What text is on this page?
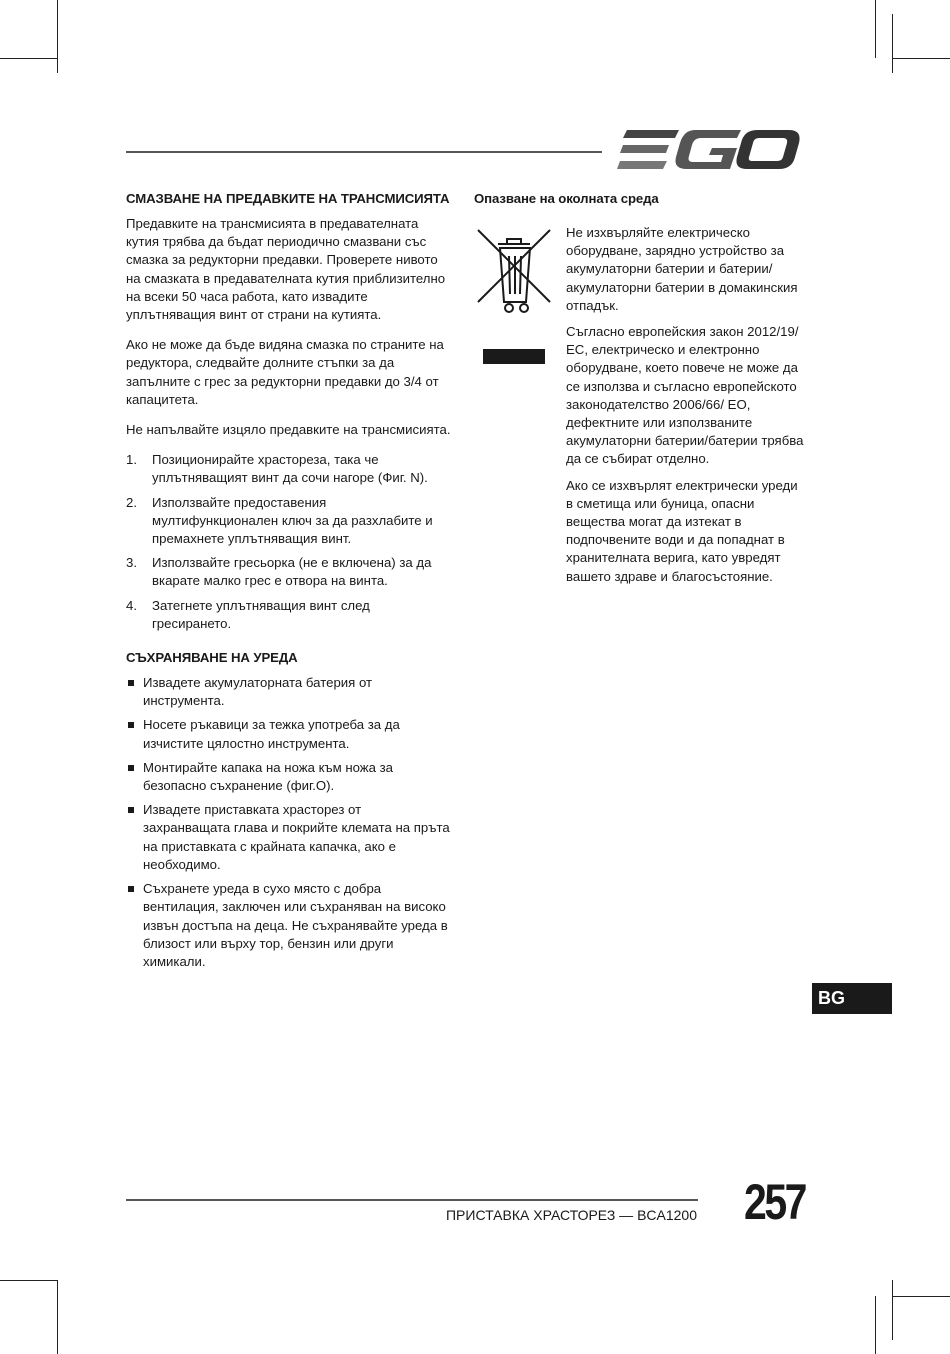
СМАЗВАНЕ НА ПРЕДАВКИТЕ НА ТРАНСМИСИЯТА

Предавките на трансмисията в предавателната кутия трябва да бъдат периодично смазвани със смазка за редукторни предавки. Проверете нивото на смазката в предавателната кутия приблизително на всеки 50 часа работа, като извадите уплътняващия винт от страни на кутията.

Ако не може да бъде видяна смазка по страните на редуктора, следвайте долните стъпки за да запълните с грес за редукторни предавки до 3/4 от капацитета.

Не напълвайте изцяло предавките на трансмисията.

1. Позиционирайте храстореза, така че уплътняващият винт да сочи нагоре (Фиг. N).
2. Използвайте предоставения мултифункционален ключ за да разхлабите и премахнете уплътняващия винт.
3. Използвайте гресьорка (не е включена) за да вкарате малко грес е отвора на винта.
4. Затегнете уплътняващия винт след гресирането.
СЪХРАНЯВАНЕ НА УРЕДА
Извадете акумулаторната батерия от инструмента.
Носете ръкавици за тежка употреба за да изчистите цялостно инструмента.
Монтирайте капака на ножа към ножа за безопасно съхранение (фиг.O).
Извадете приставката храсторез от захранващата глава и покрийте клемата на пръта на приставката с крайната капачка, ако е необходимо.
Съхранете уреда в сухо място с добра вентилация, заключен или съхраняван на високо извън достъпа на деца. Не съхранявайте уреда в близост или върху тор, бензин или други химикали.
Опазване на околната среда

Не изхвърляйте електрическо оборудване, зарядно устройство за акумулаторни батерии и батерии/ акумулаторни батерии в домакинския отпадък.

Съгласно европейския закон 2012/19/ ЕС, електрическо и електронно оборудване, което повече не може да се използва и съгласно европейското законодателство 2006/66/ ЕО, дефектните или използваните акумулаторни батерии/батерии трябва да се събират отделно.

Ако се изхвърлят електрически уреди в сметища или буница, опасни вещества могат да изтекат в подпочвените води и да попаднат в хранителната верига, като увредят вашето здраве и благосъстояние.

BG
ПРИСТАВКА ХРАСТОРЕЗ — BCA1200 257
